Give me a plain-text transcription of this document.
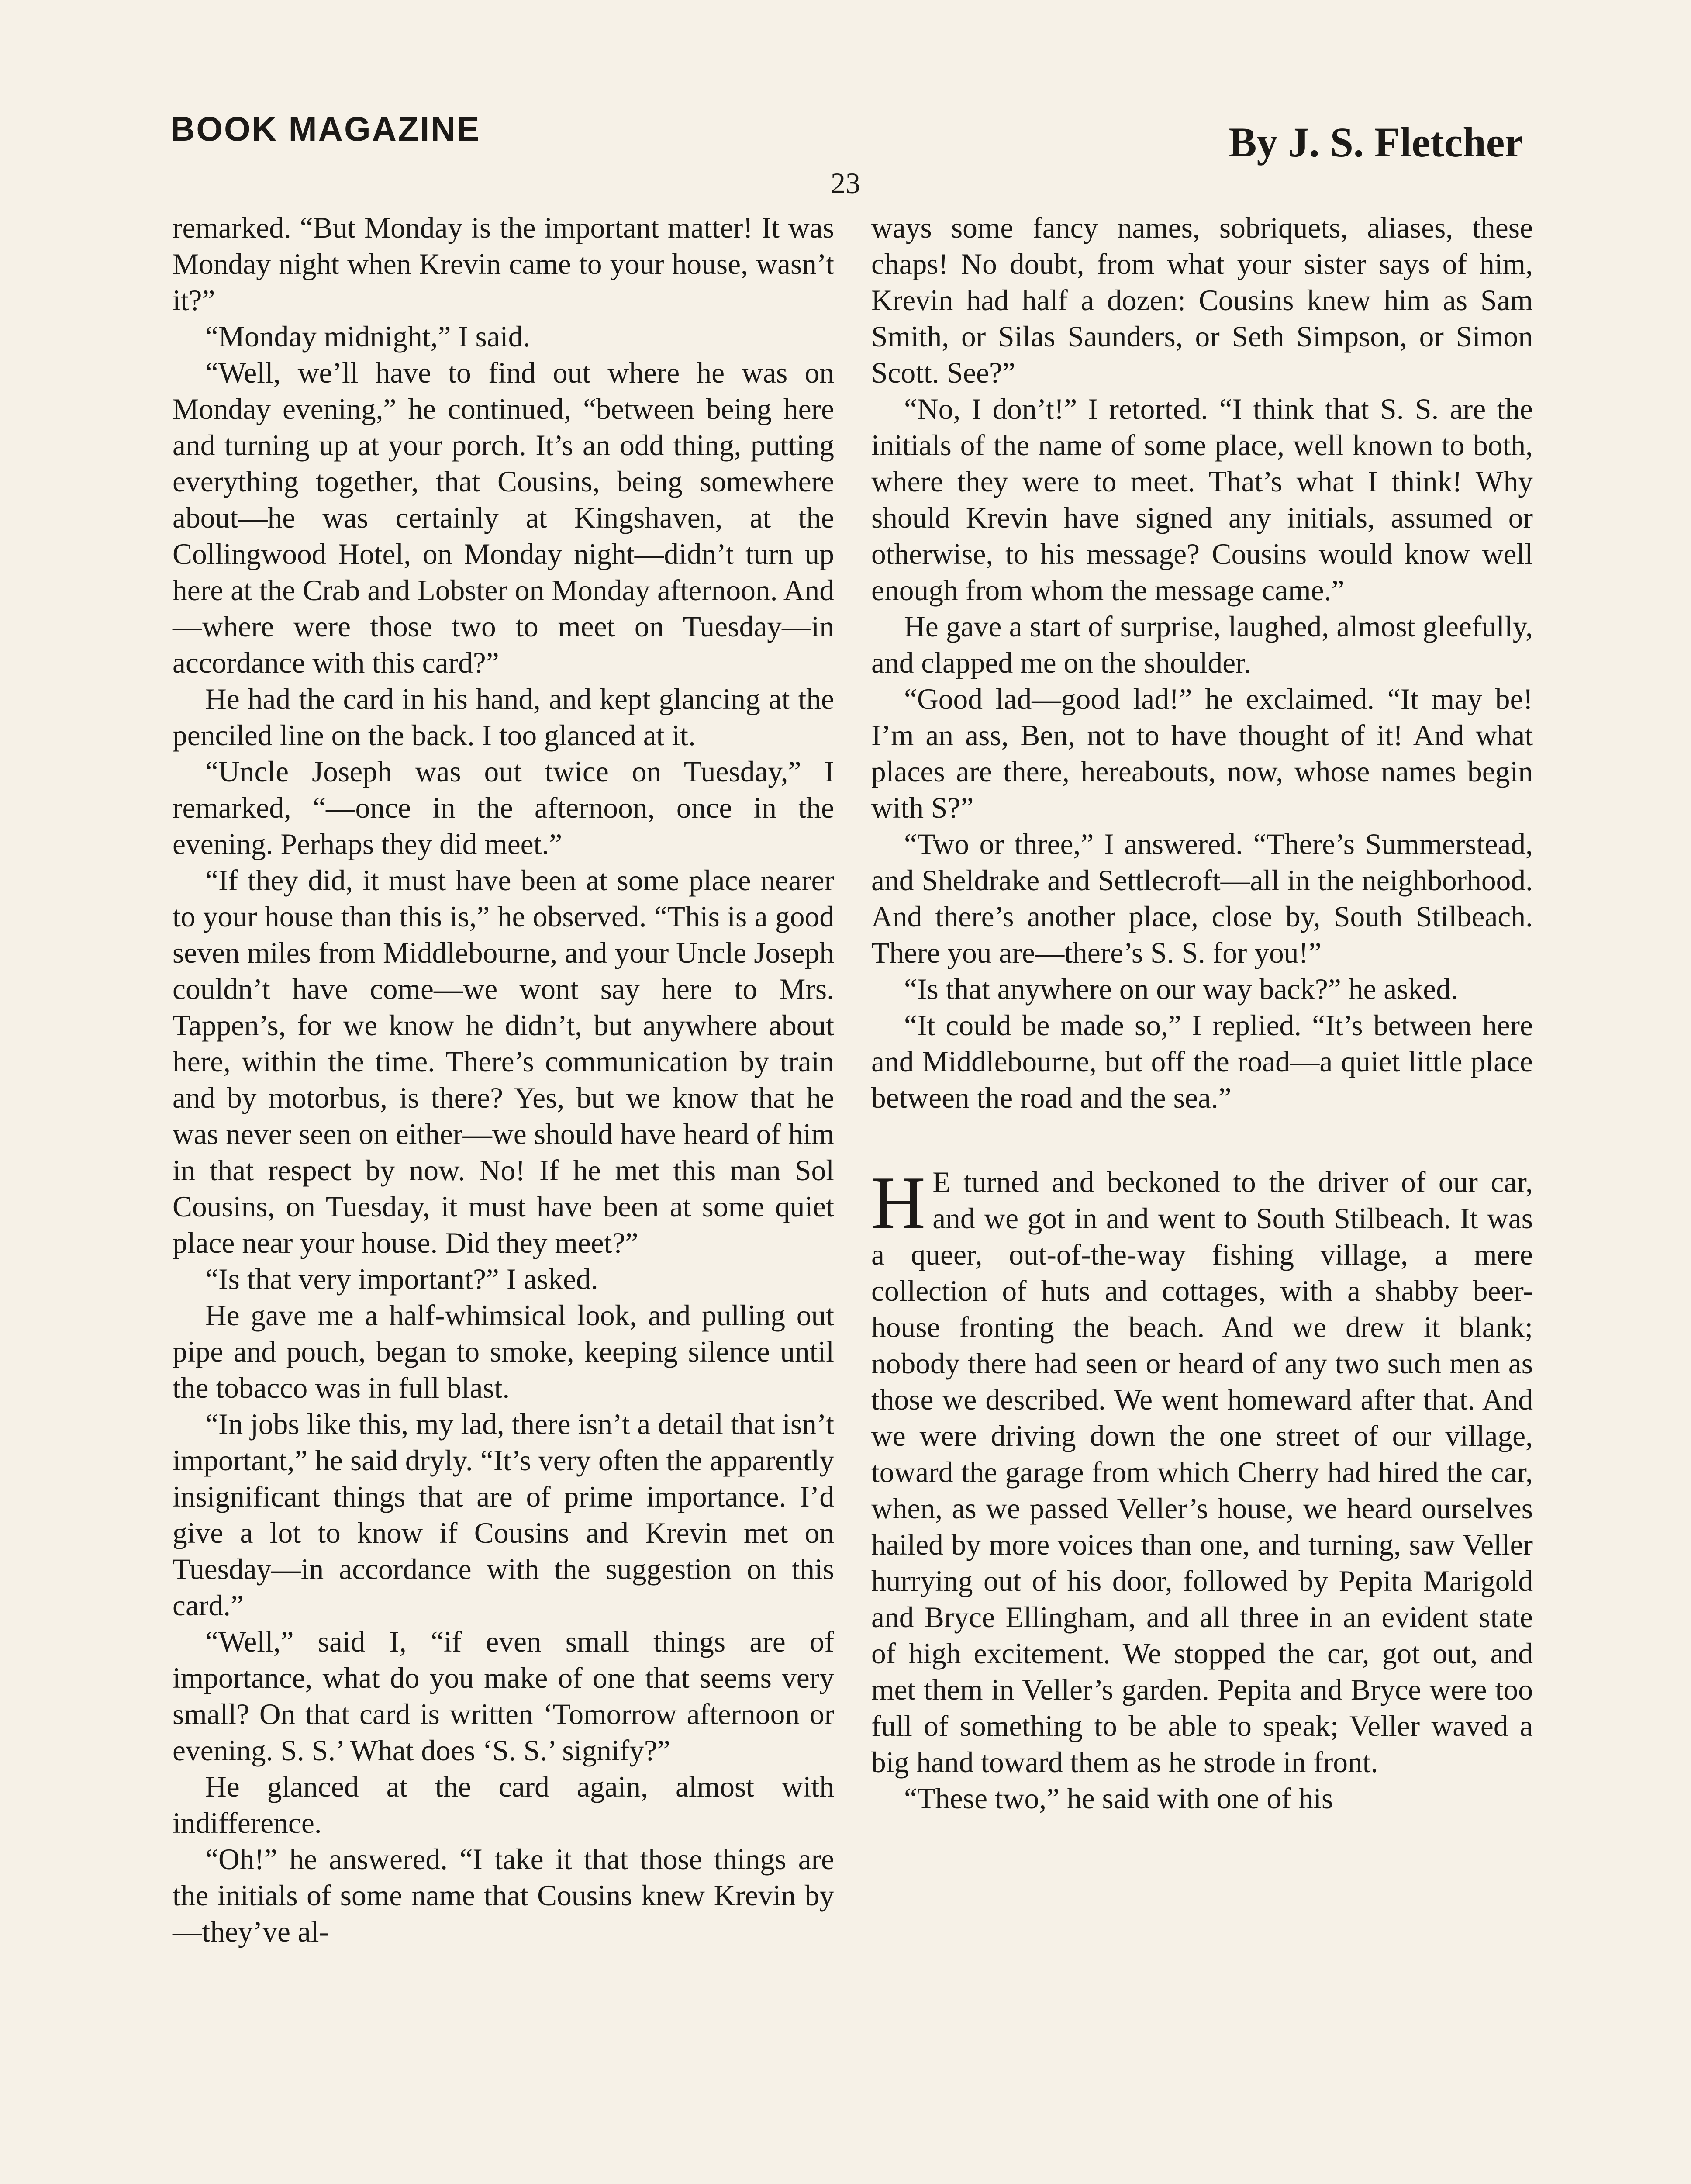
BOOK MAGAZINE	By J. S. Fletcher
23

remarked. “But Monday is the important matter! It was Monday night when Krevin came to your house, wasn’t it?”

“Monday midnight,” I said.

“Well, we’ll have to find out where he was on Monday evening,” he continued, “between being here and turning up at your porch. It’s an odd thing, putting everything together, that Cousins, being somewhere about—he was certainly at Kingshaven, at the Collingwood Hotel, on Monday night—didn’t turn up here at the Crab and Lobster on Monday afternoon. And—where were those two to meet on Tuesday—in accordance with this card?”

He had the card in his hand, and kept glancing at the penciled line on the back. I too glanced at it.

“Uncle Joseph was out twice on Tuesday,” I remarked, “—once in the afternoon, once in the evening. Perhaps they did meet.”

“If they did, it must have been at some place nearer to your house than this is,” he observed. “This is a good seven miles from Middlebourne, and your Uncle Joseph couldn’t have come—we wont say here to Mrs. Tappen’s, for we know he didn’t, but anywhere about here, within the time. There’s communication by train and by motorbus, is there? Yes, but we know that he was never seen on either—we should have heard of him in that respect by now. No! If he met this man Sol Cousins, on Tuesday, it must have been at some quiet place near your house. Did they meet?”

“Is that very important?” I asked.

He gave me a half-whimsical look, and pulling out pipe and pouch, began to smoke, keeping silence until the tobacco was in full blast.

“In jobs like this, my lad, there isn’t a detail that isn’t important,” he said dryly. “It’s very often the apparently insignificant things that are of prime importance. I’d give a lot to know if Cousins and Krevin met on Tuesday—in accordance with the suggestion on this card.”

“Well,” said I, “if even small things are of importance, what do you make of one that seems very small? On that card is written ‘Tomorrow afternoon or evening. S. S.’ What does ‘S. S.’ signify?”

He glanced at the card again, almost with indifference.

“Oh!” he answered. “I take it that those things are the initials of some name that Cousins knew Krevin by—they’ve al-

ways some fancy names, sobriquets, aliases, these chaps! No doubt, from what your sister says of him, Krevin had half a dozen: Cousins knew him as Sam Smith, or Silas Saunders, or Seth Simpson, or Simon Scott. See?”

“No, I don’t!” I retorted. “I think that S. S. are the initials of the name of some place, well known to both, where they were to meet. That’s what I think! Why should Krevin have signed any initials, assumed or otherwise, to his message? Cousins would know well enough from whom the message came.”

He gave a start of surprise, laughed, almost gleefully, and clapped me on the shoulder.

“Good lad—good lad!” he exclaimed. “It may be! I’m an ass, Ben, not to have thought of it! And what places are there, hereabouts, now, whose names begin with S?”

“Two or three,” I answered. “There’s Summerstead, and Sheldrake and Settlecroft—all in the neighborhood. And there’s another place, close by, South Stilbeach. There you are—there’s S. S. for you!”

“Is that anywhere on our way back?” he asked.

“It could be made so,” I replied. “It’s between here and Middlebourne, but off the road—a quiet little place between the road and the sea.”

H E turned and beckoned to the driver of our car, and we got in and went to South Stilbeach. It was a queer, out-of-the-way fishing village, a mere collection of huts and cottages, with a shabby beer-house fronting the beach. And we drew it blank; nobody there had seen or heard of any two such men as those we described. We went homeward after that. And we were driving down the one street of our village, toward the garage from which Cherry had hired the car, when, as we passed Veller’s house, we heard ourselves hailed by more voices than one, and turning, saw Veller hurrying out of his door, followed by Pepita Marigold and Bryce Ellingham, and all three in an evident state of high excitement. We stopped the car, got out, and met them in Veller’s garden. Pepita and Bryce were too full of something to be able to speak; Veller waved a big hand toward them as he strode in front.

“These two,” he said with one of his
